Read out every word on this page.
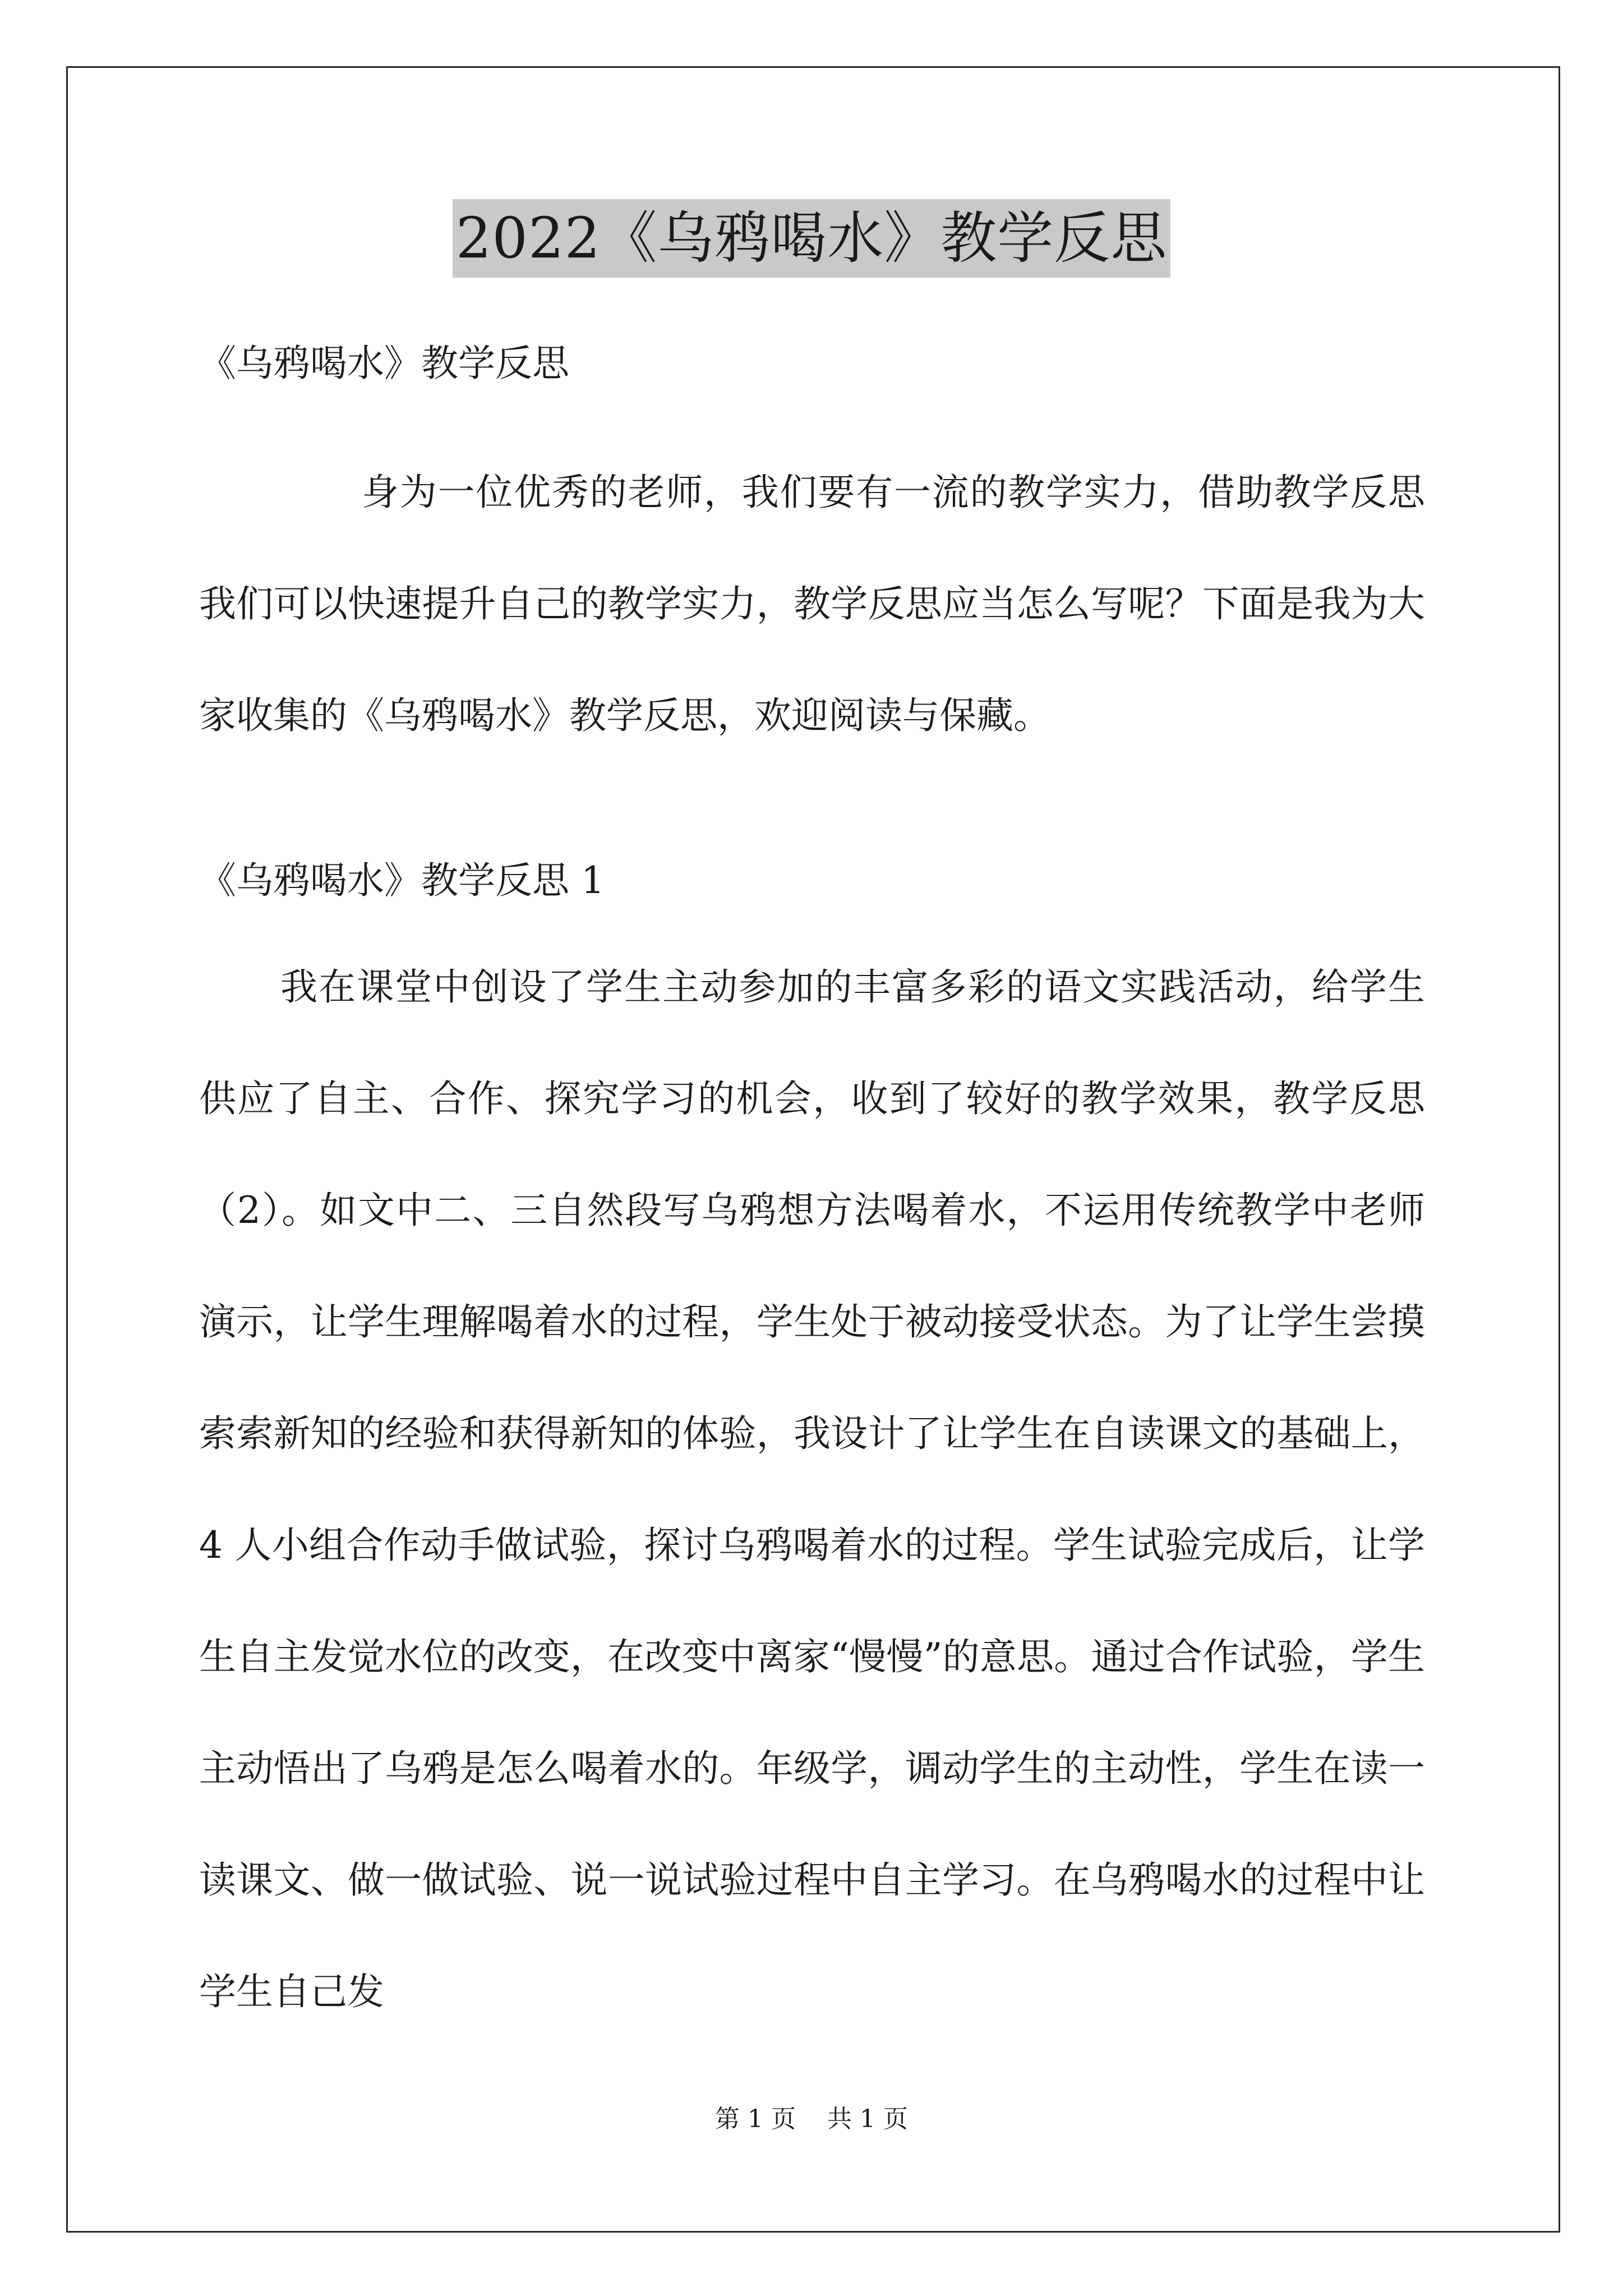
2022《乌鸦喝水》教学反思

《乌鸦喝水》教学反思

身为一位优秀的老师，我们要有一流的教学实力，借助教学反思我们可以快速提升自己的教学实力，教学反思应当怎么写呢？下面是我为大家收集的《乌鸦喝水》教学反思，欢迎阅读与保藏。

《乌鸦喝水》教学反思 1

我在课堂中创设了学生主动参加的丰富多彩的语文实践活动，给学生供应了自主、合作、探究学习的机会，收到了较好的教学效果，教学反思（2）。如文中二、三自然段写乌鸦想方法喝着水，不运用传统教学中老师演示，让学生理解喝着水的过程，学生处于被动接受状态。为了让学生尝摸索索新知的经验和获得新知的体验，我设计了让学生在自读课文的基础上，4 人小组合作动手做试验，探讨乌鸦喝着水的过程。学生试验完成后，让学生自主发觉水位的改变，在改变中离家“慢慢”的意思。通过合作试验，学生主动悟出了乌鸦是怎么喝着水的。年级学，调动学生的主动性，学生在读一读课文、做一做试验、说一说试验过程中自主学习。在乌鸦喝水的过程中让学生自己发

第 1 页    共 1 页
